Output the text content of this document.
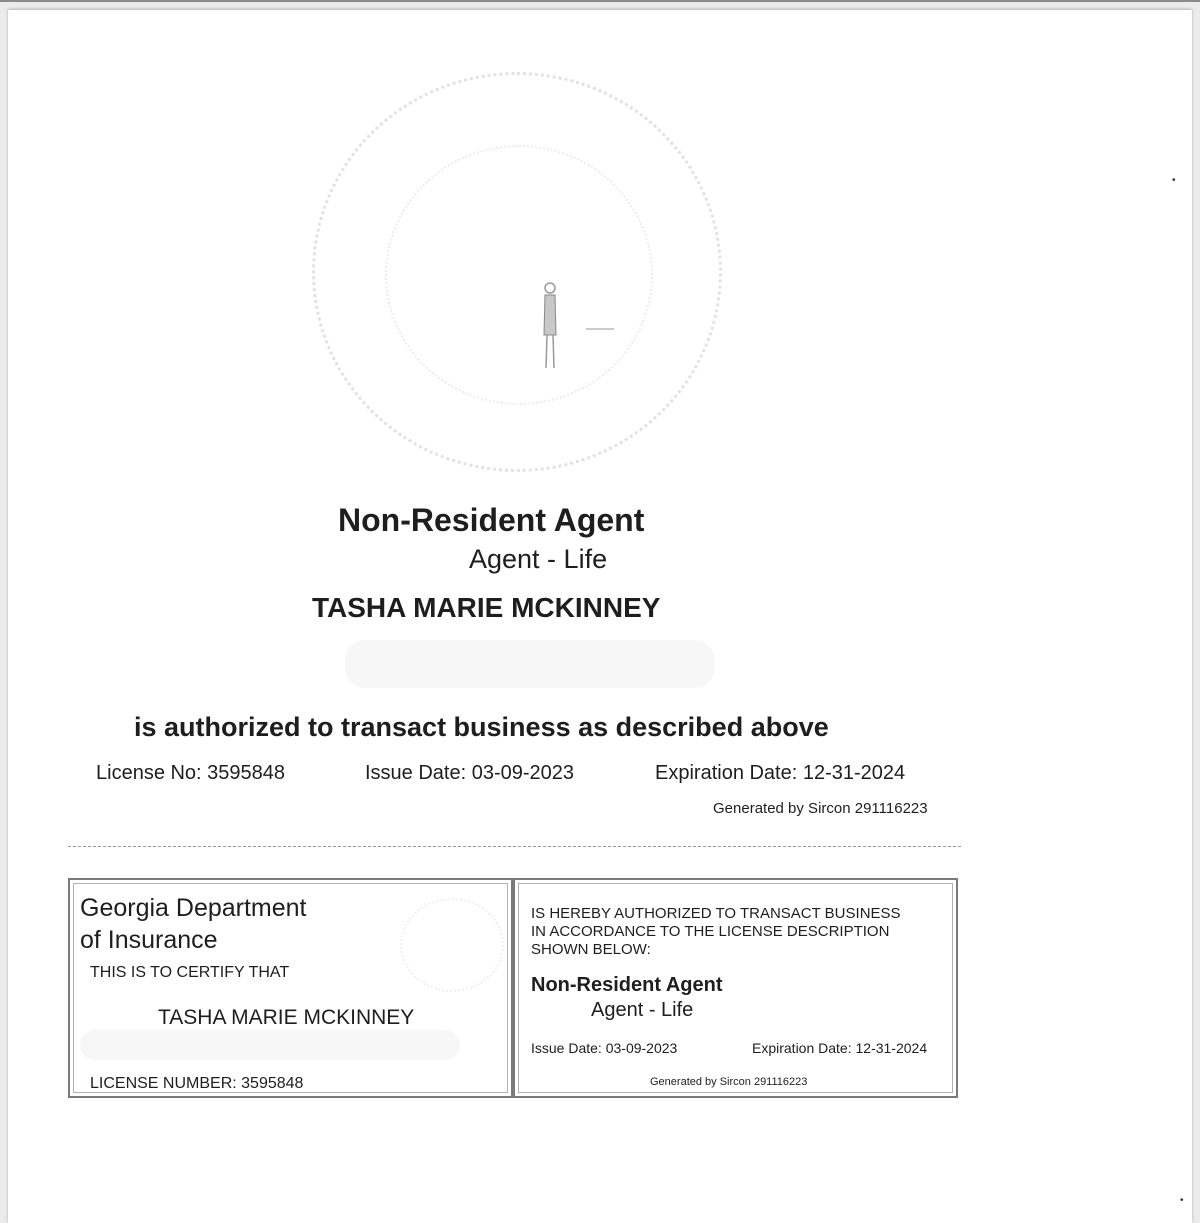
Non-Resident Agent
Agent - Life
TASHA MARIE MCKINNEY
is authorized to transact business as described above
License No: 3595848	Issue Date: 03-09-2023	Expiration Date: 12-31-2024
Generated by Sircon 291116223
Georgia Department
of Insurance
THIS IS TO CERTIFY THAT
TASHA MARIE MCKINNEY
LICENSE NUMBER: 3595848
IS HEREBY AUTHORIZED TO TRANSACT BUSINESS
IN ACCORDANCE TO THE LICENSE DESCRIPTION
SHOWN BELOW:
Non-Resident Agent
Agent - Life
Issue Date: 03-09-2023	Expiration Date: 12-31-2024
Generated by Sircon 291116223
•
•
